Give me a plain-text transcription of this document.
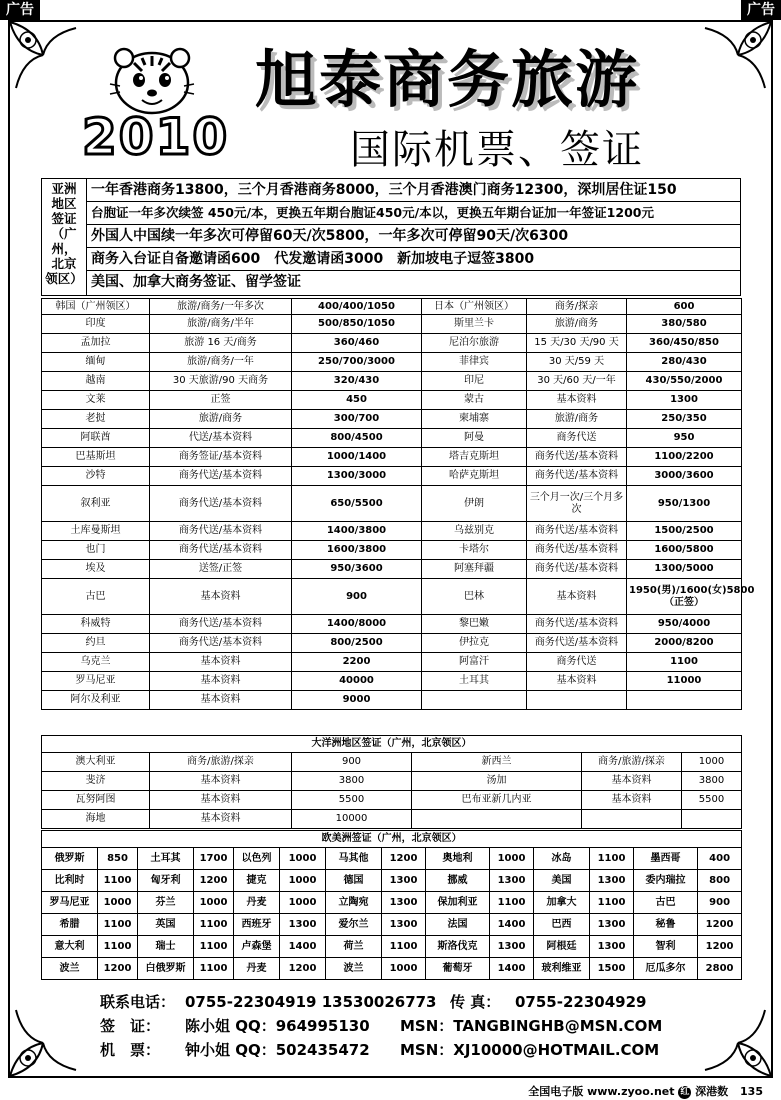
广告	广告
2010
旭泰商务旅游
国际机票、签证
亚洲
地区
签证
（广州，
北京
领区）
一年香港商务13800，三个月香港商务8000，三个月香港澳门商务12300，深圳居住证150
台胞证一年多次续签 450元/本，更换五年期台胞证450元/本以，更换五年期台证加一年签证1200元
外国人中国续一年多次可停留60天/次5800，一年多次可停留90天/次6300
商务入台证自备邀请函600　代发邀请函3000　新加坡电子逗签3800
美国、加拿大商务签证、留学签证
韩国（广州领区）	旅游/商务/一年多次	400/400/1050	日本（广州领区）	商务/探亲	600
印度	旅游/商务/半年	500/850/1050	斯里兰卡	旅游/商务	380/580
孟加拉	旅游 16 天/商务	360/460	尼泊尔旅游	15 天/30 天/90 天	360/450/850
缅甸	旅游/商务/一年	250/700/3000	菲律宾	30 天/59 天	280/430
越南	30 天旅游/90 天商务	320/430	印尼	30 天/60 天/一年	430/550/2000
文莱	正签	450	蒙古	基本资料	1300
老挝	旅游/商务	300/700	柬埔寨	旅游/商务	250/350
阿联酋	代送/基本资料	800/4500	阿曼	商务代送	950
巴基斯坦	商务签证/基本资料	1000/1400	塔吉克斯坦	商务代送/基本资料	1100/2200
沙特	商务代送/基本资料	1300/3000	哈萨克斯坦	商务代送/基本资料	3000/3600
叙利亚	商务代送/基本资料	650/5500	伊朗	三个月一次/三个月多次	950/1300
土库曼斯坦	商务代送/基本资料	1400/3800	乌兹别克	商务代送/基本资料	1500/2500
也门	商务代送/基本资料	1600/3800	卡塔尔	商务代送/基本资料	1600/5800
埃及	送签/正签	950/3600	阿塞拜疆	商务代送/基本资料	1300/5000
古巴	基本资料	900	巴林	基本资料	1950(男)/1600(女)5800（正签）
科威特	商务代送/基本资料	1400/8000	黎巴嫩	商务代送/基本资料	950/4000
约旦	商务代送/基本资料	800/2500	伊拉克	商务代送/基本资料	2000/8200
乌克兰	基本资料	2200	阿富汗	商务代送	1100
罗马尼亚	基本资料	40000	土耳其	基本资料	11000
阿尔及利亚	基本资料	9000			
大洋洲地区签证（广州，北京领区）					
澳大利亚	商务/旅游/探亲	900	新西兰	商务/旅游/探亲	1000
斐济	基本资料	3800	汤加	基本资料	3800
瓦努阿图	基本资料	5500	巴布亚新几内亚	基本资料	5500
海地	基本资料	10000			
欧美洲签证（广州，北京领区）													
俄罗斯	850	土耳其	1700	以色列	1000	马其他	1200	奥地利	1000	冰岛	1100	墨西哥	400
比利时	1100	匈牙利	1200	捷克	1000	德国	1300	挪威	1300	美国	1300	委内瑞拉	800
罗马尼亚	1000	芬兰	1000	丹麦	1000	立陶宛	1300	保加利亚	1100	加拿大	1100	古巴	900
希腊	1100	英国	1100	西班牙	1300	爱尔兰	1300	法国	1400	巴西	1300	秘鲁	1200
意大利	1100	瑞士	1100	卢森堡	1400	荷兰	1100	斯洛伐克	1300	阿根廷	1300	智利	1200
波兰	1200	白俄罗斯	1100	丹麦	1200	波兰	1000	葡萄牙	1400	玻利维亚	1500	厄瓜多尔	2800
联系电话： 0755-22304919 13530026773 传 真： 0755-22304929
签　证： 陈小姐 QQ：964995130 MSN：TANGBINGHB@MSN.COM
机　票： 钟小姐 QQ：502435472 MSN：XJ10000@HOTMAIL.COM
全国电子版 www.zyoo.net 红 深港数 135
